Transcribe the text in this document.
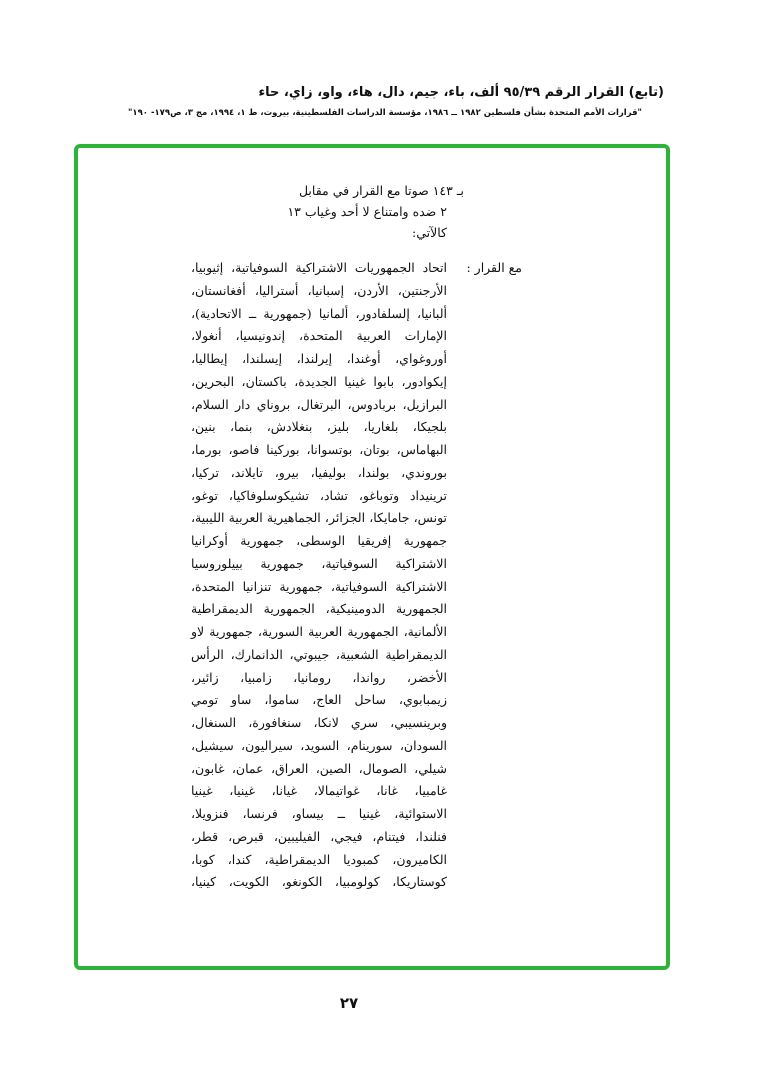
(تابع) القرار الرقم ٩٥/٣٩ ألف، باء، جيم، دال، هاء، واو، زاي، حاء
"قرارات الأمم المتحدة بشأن فلسطين ١٩٨٢ ــ ١٩٨٦، مؤسسة الدراسات الفلسطينية، بيروت، ط ١، ١٩٩٤، مج ٣، ص١٧٩- ١٩٠"
بـ ١٤٣ صوتا مع القرار في مقابل
٢ ضده وامتناع لا أحد وغياب ١٣
كالآتي:
مع القرار :
اتحاد الجمهوريات الاشتراكية السوفياتية، إثيوبيا،
الأرجنتين، الأردن، إسبانيا، أستراليا، أفغانستان،
ألبانيا، إلسلفادور، ألمانيا (جمهورية ــ الاتحادية)،
الإمارات العربية المتحدة، إندونيسيا، أنغولا،
أوروغواي، أوغندا، إيرلندا، إيسلندا، إيطاليا،
إيكوادور، بابوا غينيا الجديدة، باكستان، البحرين،
البرازيل، بربادوس، البرتغال، بروناي دار السلام،
بلجيكا، بلغاريا، بليز، بنغلادش، بنما، بنين،
البهاماس، بوتان، بوتسوانا، بوركينا فاصو، بورما،
بوروندي، بولندا، بوليفيا، بيرو، تايلاند، تركيا،
ترينيداد وتوباغو، تشاد، تشيكوسلوفاكيا، توغو،
تونس، جامايكا، الجزائر، الجماهيرية العربية الليبية،
جمهورية إفريقيا الوسطى، جمهورية أوكرانيا
الاشتراكية السوفياتية، جمهورية بييلوروسيا
الاشتراكية السوفياتية، جمهورية تنزانيا المتحدة،
الجمهورية الدومينيكية، الجمهورية الديمقراطية
الألمانية، الجمهورية العربية السورية، جمهورية لاو
الديمقراطية الشعبية، جيبوتي، الدانمارك، الرأس
الأخضر، رواندا، رومانيا، زامبيا، زائير،
زيمبابوي، ساحل العاج، ساموا، ساو تومي
وبرينسيبي، سري لانكا، سنغافورة، السنغال،
السودان، سورينام، السويد، سيراليون، سيشيل،
شيلي، الصومال، الصين، العراق، عمان، غابون،
غامبيا، غانا، غواتيمالا، غيانا، غينيا، غينيا
الاستوائية، غينيا ــ بيساو، فرنسا، فنزويلا،
فنلندا، فيتنام، فيجي، الفيليبين، قبرص، قطر،
الكاميرون، كمبوديا الديمقراطية، كندا، كوبا،
كوستاريكا، كولومبيا، الكونغو، الكويت، كينيا،
٢٧
